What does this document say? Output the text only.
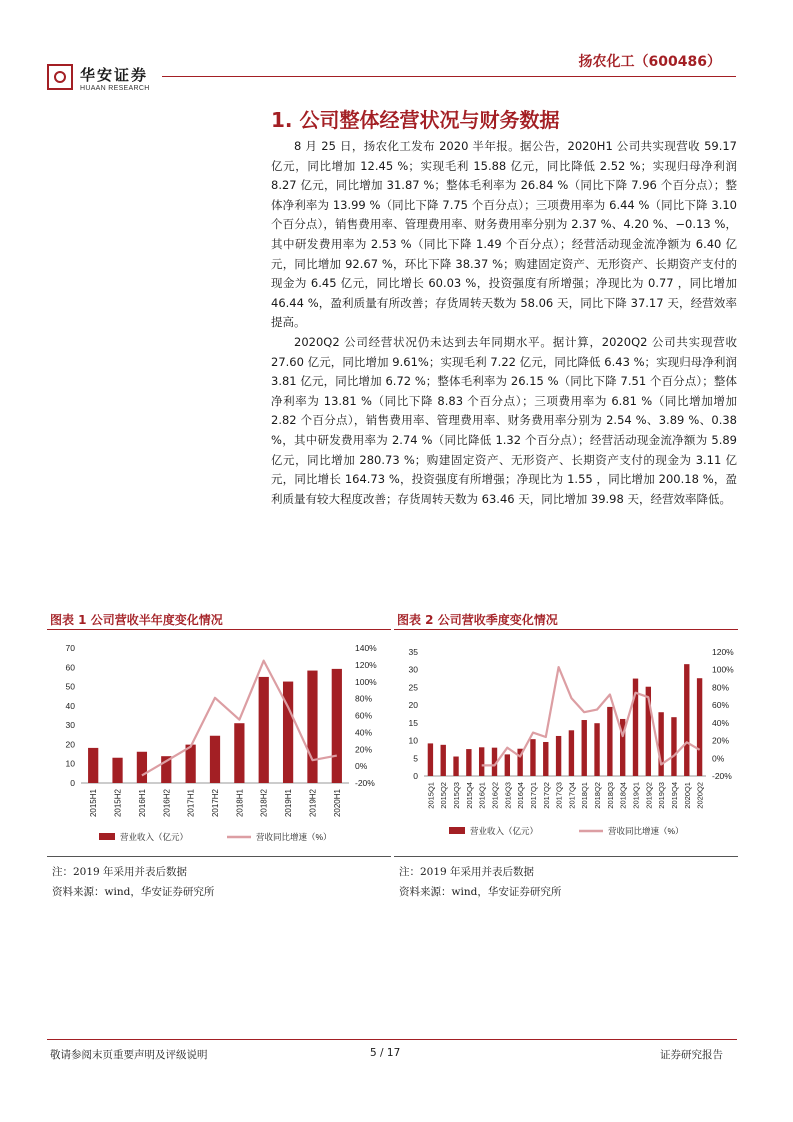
华安证券
HUAAN RESEARCH
扬农化工（600486）
1. 公司整体经营状况与财务数据

8 月 25 日，扬农化工发布 2020 半年报。据公告，2020H1 公司共实现营收 59.17 亿元，同比增加 12.45 %；实现毛利 15.88 亿元，同比降低 2.52 %；实现归母净利润 8.27 亿元，同比增加 31.87 %；整体毛利率为 26.84 %（同比下降 7.96 个百分点）；整体净利率为 13.99 %（同比下降 7.75 个百分点）；三项费用率为 6.44 %（同比下降 3.10 个百分点），销售费用率、管理费用率、财务费用率分别为 2.37 %、4.20 %、−0.13 %，其中研发费用率为 2.53 %（同比下降 1.49 个百分点）；经营活动现金流净额为 6.40 亿元，同比增加 92.67 %，环比下降 38.37 %；购建固定资产、无形资产、长期资产支付的现金为 6.45 亿元，同比增长 60.03 %，投资强度有所增强；净现比为 0.77 ，同比增加 46.44 %，盈利质量有所改善；存货周转天数为 58.06 天，同比下降 37.17 天，经营效率提高。

2020Q2 公司经营状况仍未达到去年同期水平。据计算，2020Q2 公司共实现营收 27.60 亿元，同比增加 9.61%；实现毛利 7.22 亿元，同比降低 6.43 %；实现归母净利润 3.81 亿元，同比增加 6.72 %；整体毛利率为 26.15 %（同比下降 7.51 个百分点）；整体净利率为 13.81 %（同比下降 8.83 个百分点）；三项费用率为 6.81 %（同比增加增加 2.82 个百分点），销售费用率、管理费用率、财务费用率分别为 2.54 %、3.89 %、0.38 %，其中研发费用率为 2.74 %（同比降低 1.32 个百分点）；经营活动现金流净额为 5.89 亿元，同比增加 280.73 %；购建固定资产、无形资产、长期资产支付的现金为 3.11 亿元，同比增长 164.73 %，投资强度有所增强；净现比为 1.55 ，同比增加 200.18 %，盈利质量有较大程度改善；存货周转天数为 63.46 天，同比增加 39.98 天，经营效率降低。

图表 1 公司营收半年度变化情况
0
10
20
30
40
50
60
70
-20%
0%
20%
40%
60%
80%
100%
120%
140%
2015H1 2015H2 2016H1 2016H2 2017H1 2017H2 2018H1 2018H2 2019H1 2019H2 2020H1
营业收入（亿元）	营收同比增速（%）
注：2019 年采用并表后数据
资料来源：wind，华安证券研究所
图表 2 公司营收季度变化情况
0
5
10
15
20
25
30
35
-20%
0%
20%
40%
60%
80%
100%
120%
2015Q1 2015Q2 2015Q3 2015Q4 2016Q1 2016Q2 2016Q3 2016Q4 2017Q1 2017Q2 2017Q3 2017Q4 2018Q1 2018Q2 2018Q3 2018Q4 2019Q1 2019Q2 2019Q3 2019Q4 2020Q1 2020Q2
营业收入（亿元）	营收同比增速（%）
注：2019 年采用并表后数据
资料来源：wind，华安证券研究所
敬请参阅末页重要声明及评级说明	5 / 17	证券研究报告
